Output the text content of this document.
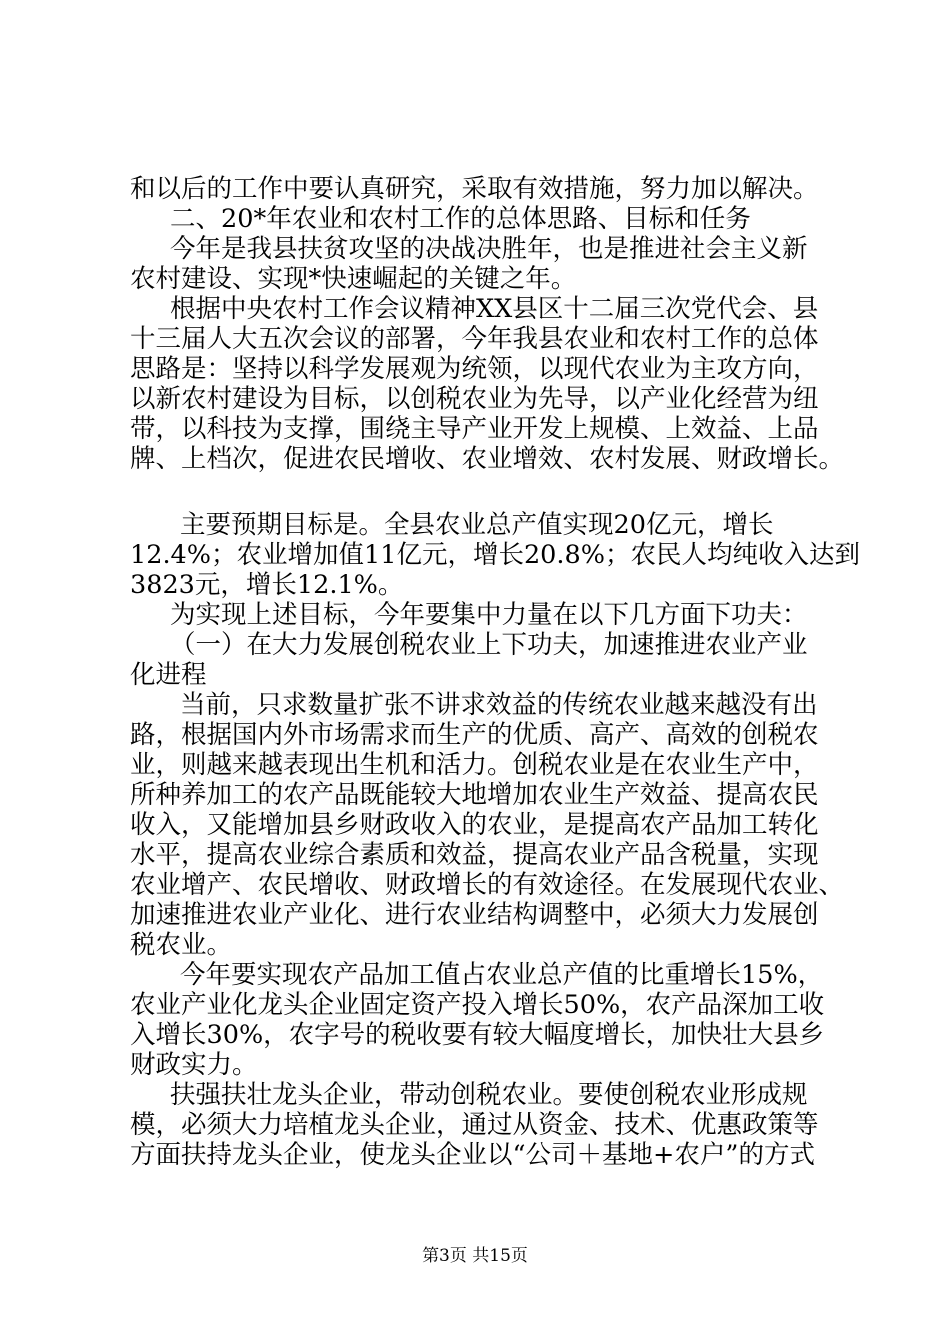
和以后的工作中要认真研究，采取有效措施，努力加以解决。
二、20*年农业和农村工作的总体思路、目标和任务
今年是我县扶贫攻坚的决战决胜年，也是推进社会主义新
农村建设、实现*快速崛起的关键之年。
根据中央农村工作会议精神XX县区十二届三次党代会、县
十三届人大五次会议的部署，今年我县农业和农村工作的总体
思路是：坚持以科学发展观为统领，以现代农业为主攻方向，
以新农村建设为目标，以创税农业为先导，以产业化经营为纽
带，以科技为支撑，围绕主导产业开发上规模、上效益、上品
牌、上档次，促进农民增收、农业增效、农村发展、财政增长。
主要预期目标是。全县农业总产值实现20亿元，增长
12.4%；农业增加值11亿元，增长20.8%；农民人均纯收入达到
3823元，增长12.1%。
为实现上述目标，今年要集中力量在以下几方面下功夫：
（一）在大力发展创税农业上下功夫，加速推进农业产业
化进程
当前，只求数量扩张不讲求效益的传统农业越来越没有出
路，根据国内外市场需求而生产的优质、高产、高效的创税农
业，则越来越表现出生机和活力。创税农业是在农业生产中，
所种养加工的农产品既能较大地增加农业生产效益、提高农民
收入，又能增加县乡财政收入的农业，是提高农产品加工转化
水平，提高农业综合素质和效益，提高农业产品含税量，实现
农业增产、农民增收、财政增长的有效途径。在发展现代农业、
加速推进农业产业化、进行农业结构调整中，必须大力发展创
税农业。
今年要实现农产品加工值占农业总产值的比重增长15%，
农业产业化龙头企业固定资产投入增长50%，农产品深加工收
入增长30%，农字号的税收要有较大幅度增长，加快壮大县乡
财政实力。
扶强扶壮龙头企业，带动创税农业。要使创税农业形成规
模，必须大力培植龙头企业，通过从资金、技术、优惠政策等
方面扶持龙头企业，使龙头企业以“公司＋基地+农户”的方式
第3页 共15页
